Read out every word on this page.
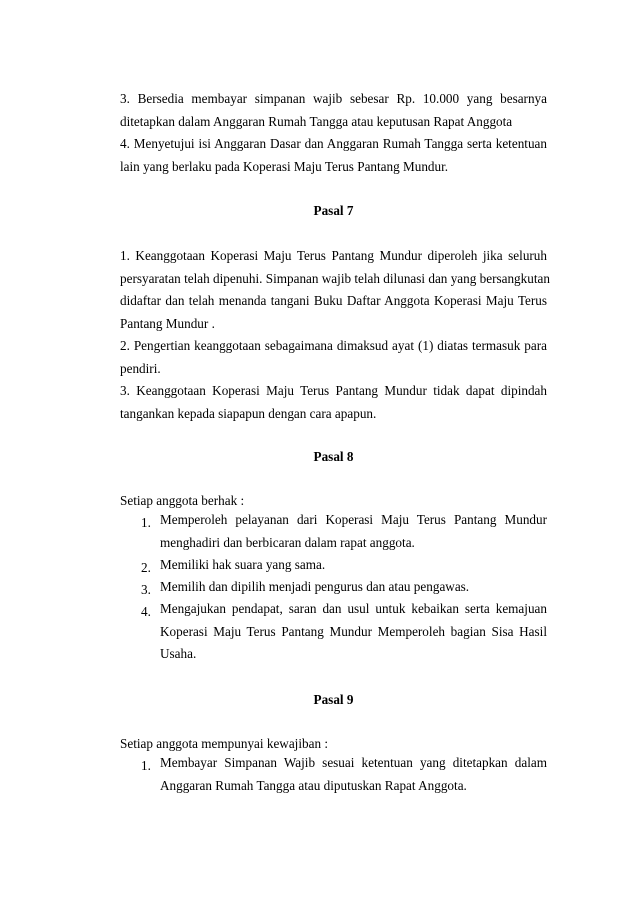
3. Bersedia membayar simpanan wajib sebesar Rp. 10.000 yang besarnya
ditetapkan dalam Anggaran Rumah Tangga atau keputusan Rapat Anggota
4. Menyetujui isi Anggaran Dasar dan Anggaran Rumah Tangga serta ketentuan
lain yang berlaku pada Koperasi Maju Terus Pantang Mundur.
Pasal 7
1. Keanggotaan Koperasi Maju Terus Pantang Mundur diperoleh jika seluruh
persyaratan telah dipenuhi. Simpanan wajib telah dilunasi dan yang bersangkutan
didaftar dan telah menanda tangani Buku Daftar Anggota Koperasi Maju Terus
Pantang Mundur .
2. Pengertian keanggotaan sebagaimana dimaksud ayat (1) diatas termasuk para
pendiri.
3. Keanggotaan Koperasi Maju Terus Pantang Mundur tidak dapat dipindah
tangankan kepada siapapun dengan cara apapun.
Pasal 8
Setiap anggota berhak :
1. Memperoleh pelayanan dari Koperasi Maju Terus Pantang Mundur
menghadiri dan berbicaran dalam rapat anggota.
2. Memiliki hak suara yang sama.
3. Memilih dan dipilih menjadi pengurus dan atau pengawas.
4. Mengajukan pendapat, saran dan usul untuk kebaikan serta kemajuan
Koperasi Maju Terus Pantang Mundur Memperoleh bagian Sisa Hasil
Usaha.
Pasal 9
Setiap anggota mempunyai kewajiban :
1. Membayar Simpanan Wajib sesuai ketentuan yang ditetapkan dalam
Anggaran Rumah Tangga atau diputuskan Rapat Anggota.
